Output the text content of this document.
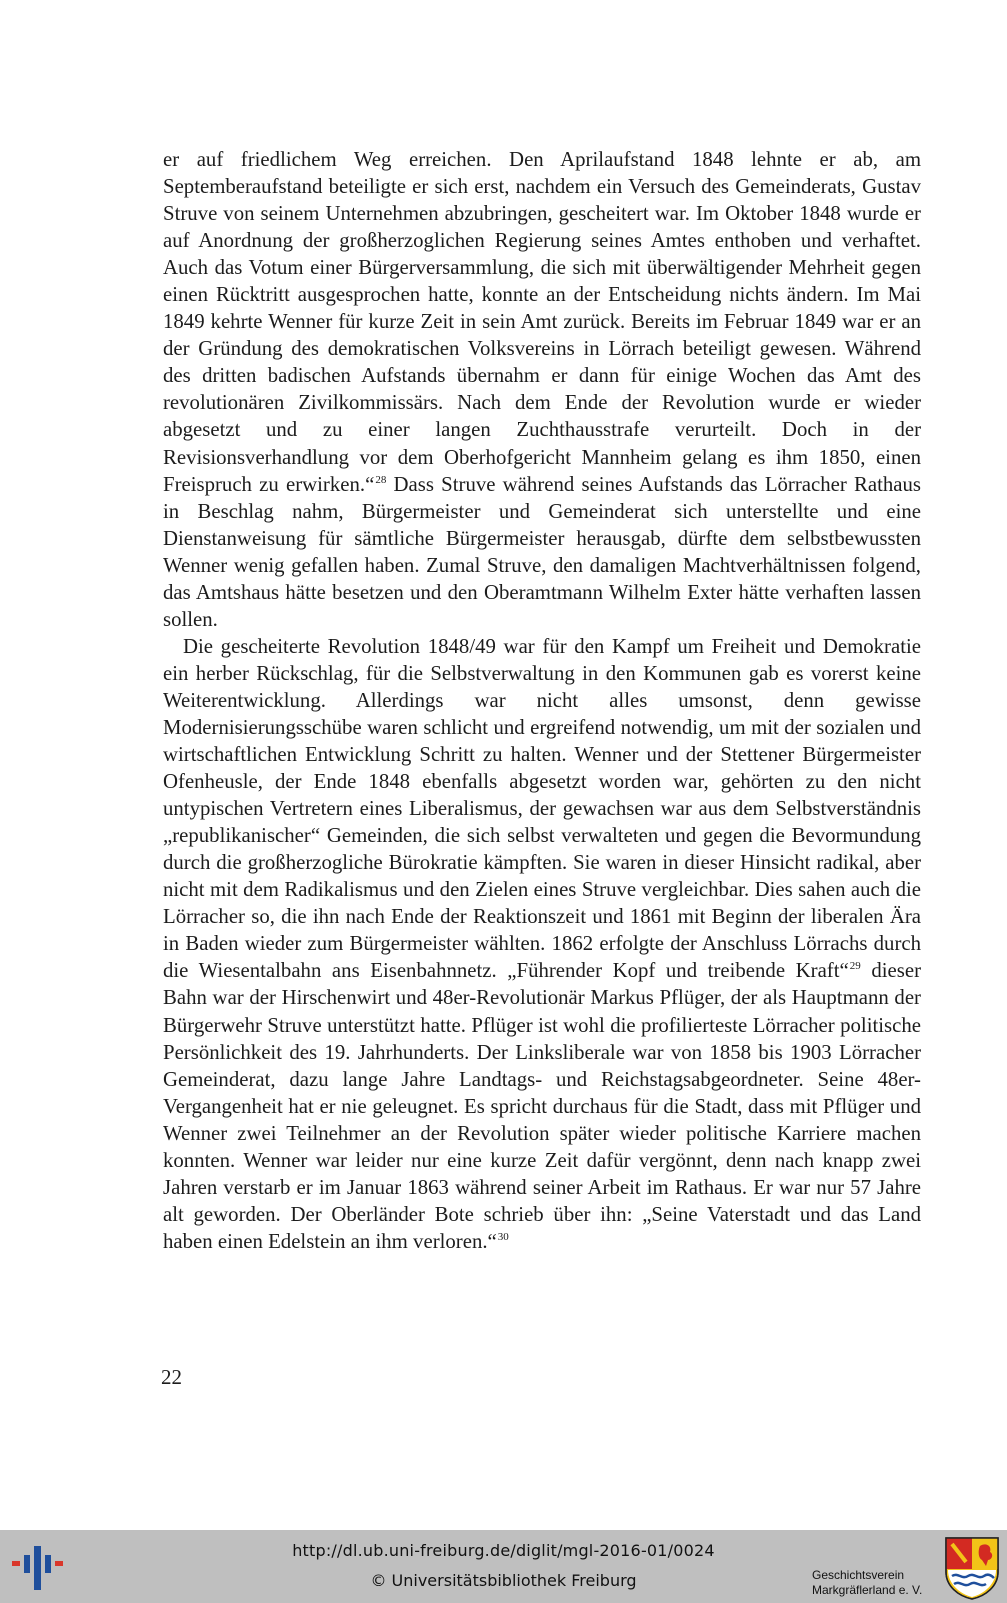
er auf friedlichem Weg erreichen. Den Aprilaufstand 1848 lehnte er ab, am Septemberaufstand beteiligte er sich erst, nachdem ein Versuch des Gemeinderats, Gustav Struve von seinem Unternehmen abzubringen, gescheitert war. Im Oktober 1848 wurde er auf Anordnung der großherzoglichen Regierung seines Amtes enthoben und verhaftet. Auch das Votum einer Bürgerversammlung, die sich mit überwältigender Mehrheit gegen einen Rücktritt ausgesprochen hatte, konnte an der Entscheidung nichts ändern. Im Mai 1849 kehrte Wenner für kurze Zeit in sein Amt zurück. Bereits im Februar 1849 war er an der Gründung des demokratischen Volksvereins in Lörrach beteiligt gewesen. Während des dritten badischen Aufstands übernahm er dann für einige Wochen das Amt des revolutionären Zivilkommissärs. Nach dem Ende der Revolution wurde er wieder abgesetzt und zu einer langen Zuchthausstrafe verurteilt. Doch in der Revisionsverhandlung vor dem Oberhofgericht Mannheim gelang es ihm 1850, einen Freispruch zu erwirken.“$^{28}$ Dass Struve während seines Aufstands das Lörracher Rathaus in Beschlag nahm, Bürgermeister und Gemeinderat sich unterstellte und eine Dienstanweisung für sämtliche Bürgermeister herausgab, dürfte dem selbstbewussten Wenner wenig gefallen haben. Zumal Struve, den damaligen Machtverhältnissen folgend, das Amtshaus hätte besetzen und den Oberamtmann Wilhelm Exter hätte verhaften lassen sollen.

Die gescheiterte Revolution 1848/49 war für den Kampf um Freiheit und Demokratie ein herber Rückschlag, für die Selbstverwaltung in den Kommunen gab es vorerst keine Weiterentwicklung. Allerdings war nicht alles umsonst, denn gewisse Modernisierungsschübe waren schlicht und ergreifend notwendig, um mit der sozialen und wirtschaftlichen Entwicklung Schritt zu halten. Wenner und der Stettener Bürgermeister Ofenheusle, der Ende 1848 ebenfalls abgesetzt worden war, gehörten zu den nicht untypischen Vertretern eines Liberalismus, der gewachsen war aus dem Selbstverständnis „republikanischer“ Gemeinden, die sich selbst verwalteten und gegen die Bevormundung durch die großherzogliche Bürokratie kämpften. Sie waren in dieser Hinsicht radikal, aber nicht mit dem Radikalismus und den Zielen eines Struve vergleichbar. Dies sahen auch die Lörracher so, die ihn nach Ende der Reaktionszeit und 1861 mit Beginn der liberalen Ära in Baden wieder zum Bürgermeister wählten. 1862 erfolgte der Anschluss Lörrachs durch die Wiesentalbahn ans Eisenbahnnetz. „Führender Kopf und treibende Kraft“$^{29}$ dieser Bahn war der Hirschenwirt und 48er-Revolutionär Markus Pflüger, der als Hauptmann der Bürgerwehr Struve unterstützt hatte. Pflüger ist wohl die profilierteste Lörracher politische Persönlichkeit des 19. Jahrhunderts. Der Linksliberale war von 1858 bis 1903 Lörracher Gemeinderat, dazu lange Jahre Landtags- und Reichstagsabgeordneter. Seine 48er-Vergangenheit hat er nie geleugnet. Es spricht durchaus für die Stadt, dass mit Pflüger und Wenner zwei Teilnehmer an der Revolution später wieder politische Karriere machen konnten. Wenner war leider nur eine kurze Zeit dafür vergönnt, denn nach knapp zwei Jahren verstarb er im Januar 1863 während seiner Arbeit im Rathaus. Er war nur 57 Jahre alt geworden. Der Oberländer Bote schrieb über ihn: „Seine Vaterstadt und das Land haben einen Edelstein an ihm verloren.“$^{30}$

22
http://dl.ub.uni-freiburg.de/diglit/mgl-2016-01/0024
© Universitätsbibliothek Freiburg	Geschichtsverein
Markgräflerland e. V.
